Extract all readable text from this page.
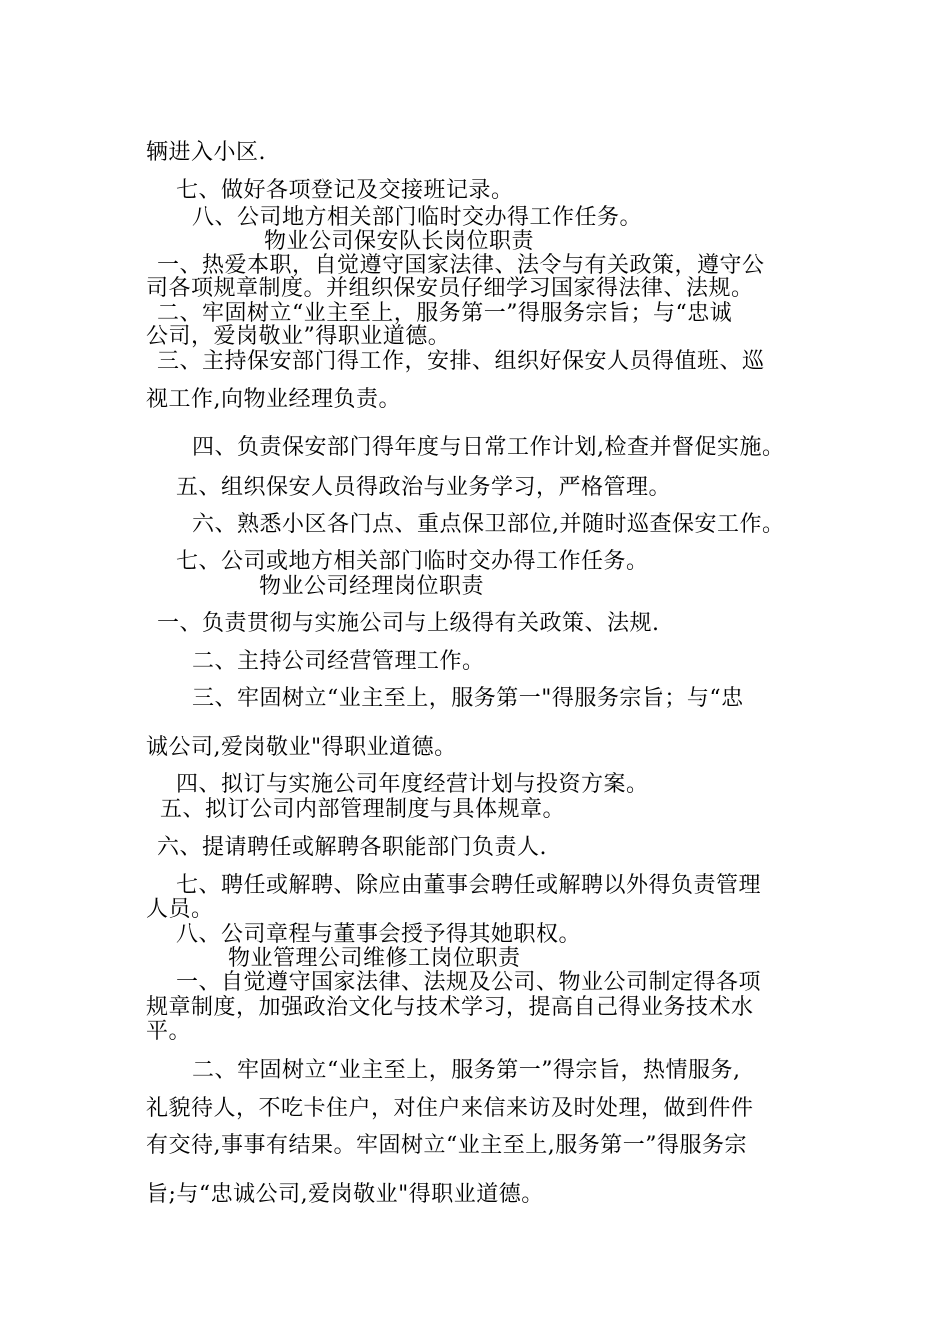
辆进入小区.
七、做好各项登记及交接班记录。
八、公司地方相关部门临时交办得工作任务。
物业公司保安队长岗位职责
一、热爱本职，自觉遵守国家法律、法令与有关政策，遵守公
司各项规章制度。并组织保安员仔细学习国家得法律、法规。
二、牢固树立“业主至上，服务第一”得服务宗旨；与“忠诚
公司，爱岗敬业”得职业道德。
三、主持保安部门得工作，安排、组织好保安人员得值班、巡
视工作,向物业经理负责。
四、负责保安部门得年度与日常工作计划,检查并督促实施。
五、组织保安人员得政治与业务学习，严格管理。
六、熟悉小区各门点、重点保卫部位,并随时巡查保安工作。
七、公司或地方相关部门临时交办得工作任务。
物业公司经理岗位职责
一、负责贯彻与实施公司与上级得有关政策、法规.
二、主持公司经营管理工作。
三、牢固树立“业主至上，服务第一"得服务宗旨；与“忠
诚公司,爱岗敬业"得职业道德。
四、拟订与实施公司年度经营计划与投资方案。
五、拟订公司内部管理制度与具体规章。
六、提请聘任或解聘各职能部门负责人.
七、聘任或解聘、除应由董事会聘任或解聘以外得负责管理
人员。
八、公司章程与董事会授予得其她职权。
物业管理公司维修工岗位职责
一、自觉遵守国家法律、法规及公司、物业公司制定得各项
规章制度，加强政治文化与技术学习，提高自己得业务技术水
平。
二、牢固树立“业主至上，服务第一”得宗旨，热情服务,
礼貌待人，不吃卡住户，对住户来信来访及时处理，做到件件
有交待,事事有结果。牢固树立“业主至上,服务第一”得服务宗
旨;与“忠诚公司,爱岗敬业"得职业道德。
